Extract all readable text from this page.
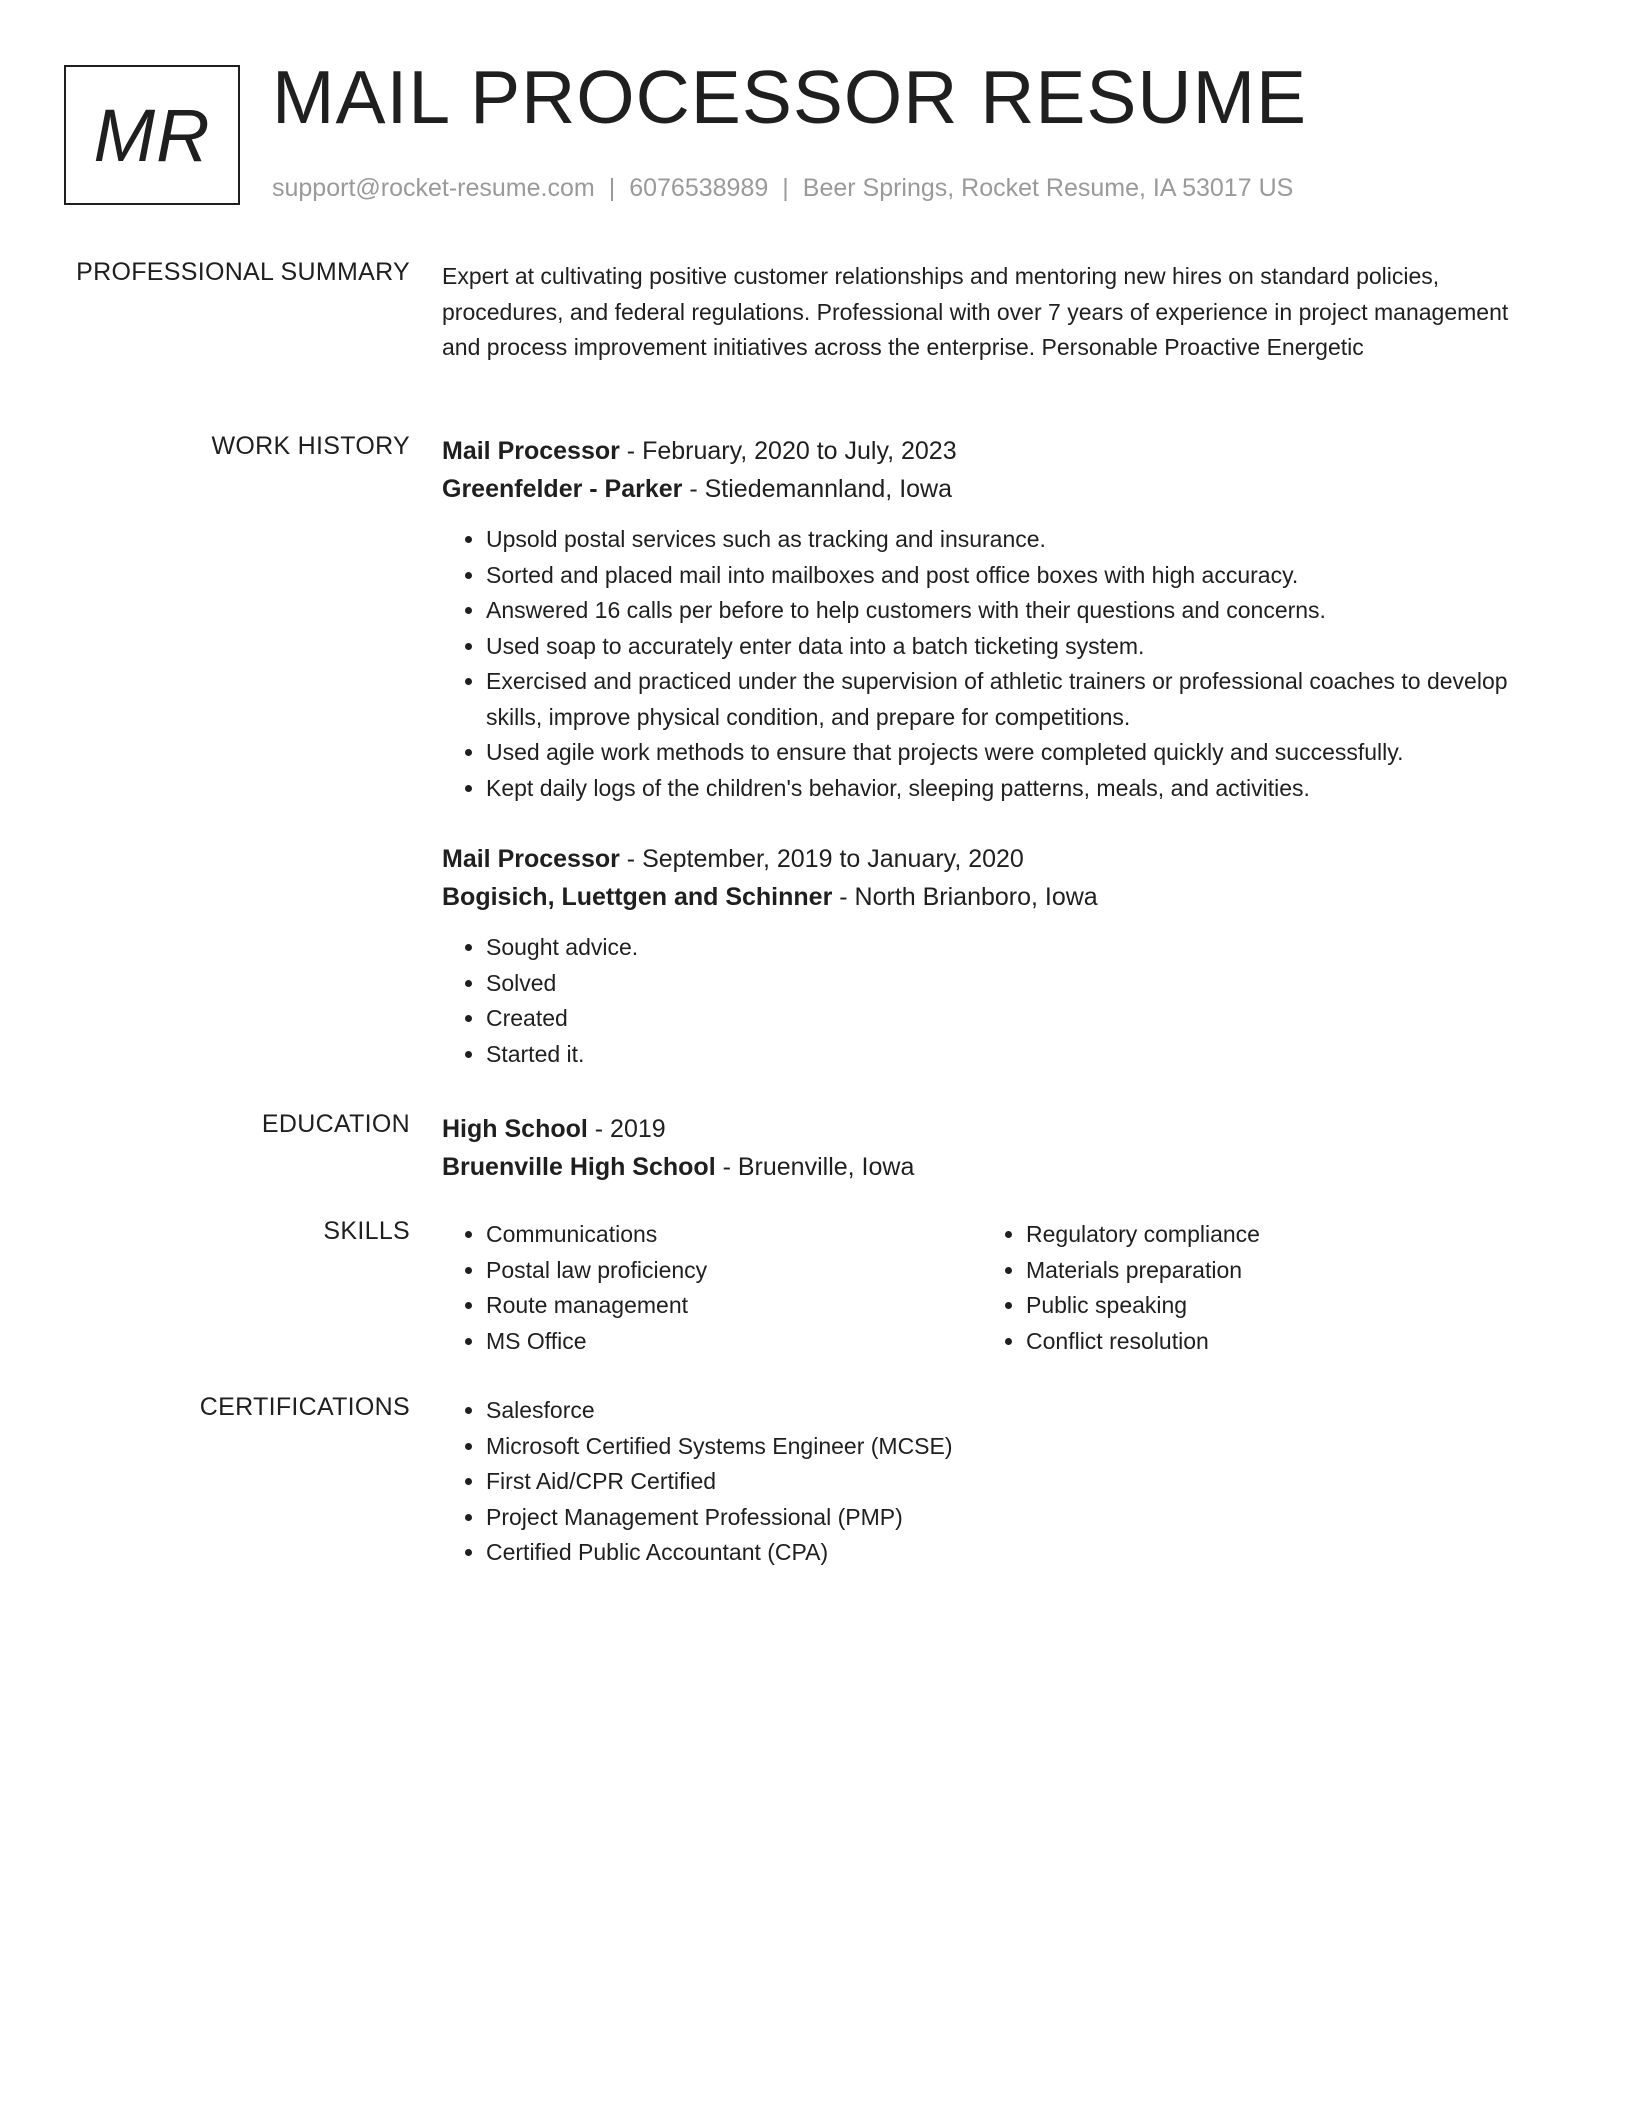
MR MAIL PROCESSOR RESUME
support@rocket-resume.com | 6076538989 | Beer Springs, Rocket Resume, IA 53017 US
PROFESSIONAL SUMMARY Expert at cultivating positive customer relationships and mentoring new hires on standard policies, procedures, and federal regulations. Professional with over 7 years of experience in project management and process improvement initiatives across the enterprise. Personable Proactive Energetic

WORK HISTORY Mail Processor - February, 2020 to July, 2023

Greenfelder - Parker - Stiedemannland, Iowa

• Upsold postal services such as tracking and insurance.
• Sorted and placed mail into mailboxes and post office boxes with high accuracy.
• Answered 16 calls per before to help customers with their questions and concerns.
• Used soap to accurately enter data into a batch ticketing system.
• Exercised and practiced under the supervision of athletic trainers or professional coaches to develop skills, improve physical condition, and prepare for competitions.
• Used agile work methods to ensure that projects were completed quickly and successfully.
• Kept daily logs of the children's behavior, sleeping patterns, meals, and activities.

Mail Processor - September, 2019 to January, 2020

Bogisich, Luettgen and Schinner - North Brianboro, Iowa

• Sought advice.
• Solved
• Created
• Started it.
EDUCATION High School - 2019

Bruenville High School - Bruenville, Iowa

SKILLS	• Communications
• Postal law proficiency
• Route management
• MS Office
• Regulatory compliance
• Materials preparation
• Public speaking
• Conflict resolution
CERTIFICATIONS	• Salesforce
• Microsoft Certified Systems Engineer (MCSE)
• First Aid/CPR Certified
• Project Management Professional (PMP)
• Certified Public Accountant (CPA)
